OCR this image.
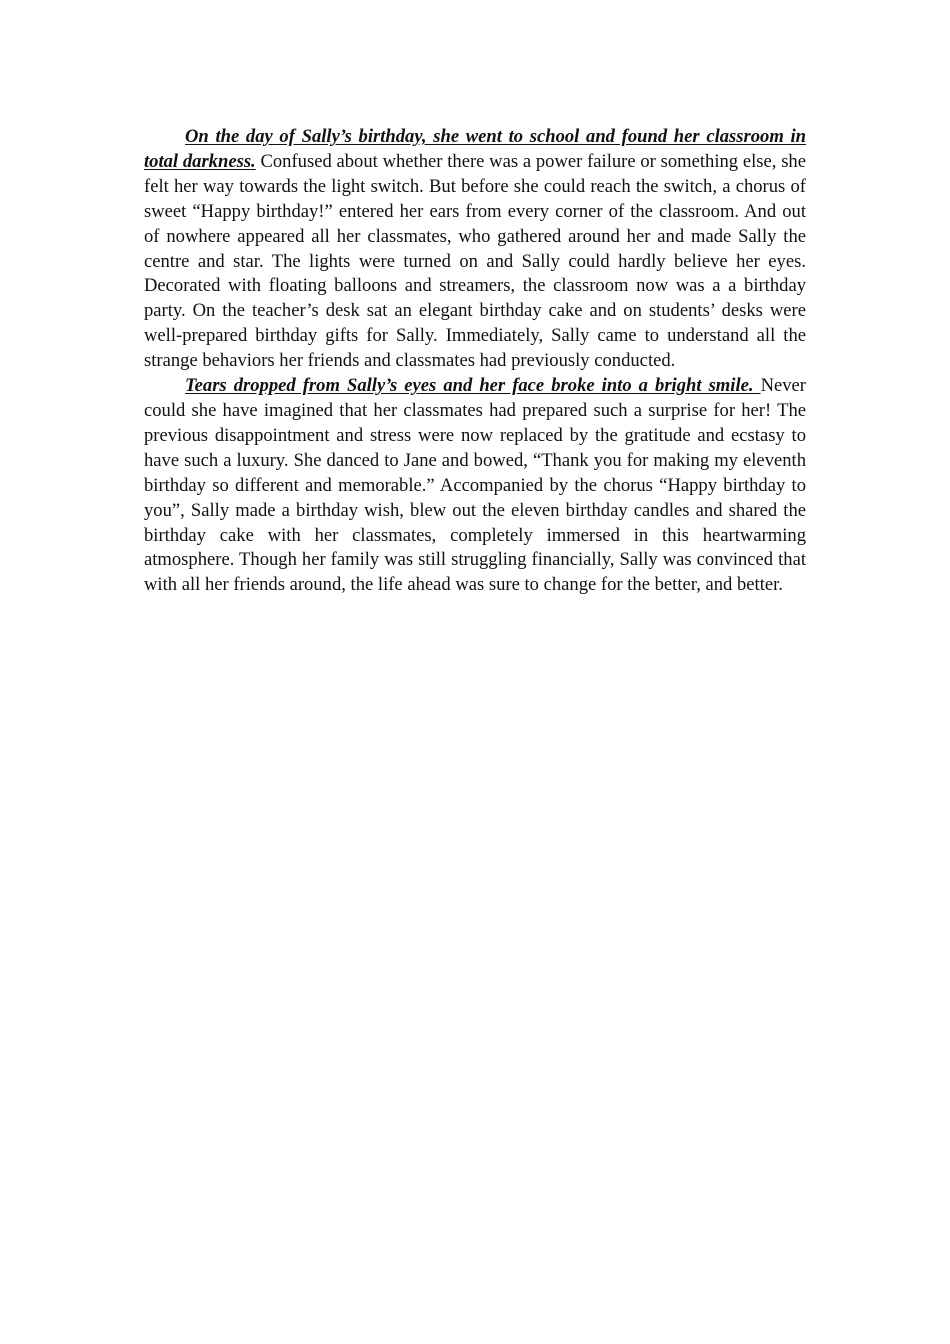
On the day of Sally’s birthday, she went to school and found her classroom in total darkness. Confused about whether there was a power failure or something else, she felt her way towards the light switch. But before she could reach the switch, a chorus of sweet “Happy birthday!” entered her ears from every corner of the classroom. And out of nowhere appeared all her classmates, who gathered around her and made Sally the centre and star. The lights were turned on and Sally could hardly believe her eyes. Decorated with floating balloons and streamers, the classroom now was a a birthday party. On the teacher’s desk sat an elegant birthday cake and on students’ desks were well-prepared birthday gifts for Sally. Immediately, Sally came to understand all the strange behaviors her friends and classmates had previously conducted.

Tears dropped from Sally’s eyes and her face broke into a bright smile. Never could she have imagined that her classmates had prepared such a surprise for her! The previous disappointment and stress were now replaced by the gratitude and ecstasy to have such a luxury. She danced to Jane and bowed, “Thank you for making my eleventh birthday so different and memorable.” Accompanied by the chorus “Happy birthday to you”, Sally made a birthday wish, blew out the eleven birthday candles and shared the birthday cake with her classmates, completely immersed in this heartwarming atmosphere. Though her family was still struggling financially, Sally was convinced that with all her friends around, the life ahead was sure to change for the better, and better.
